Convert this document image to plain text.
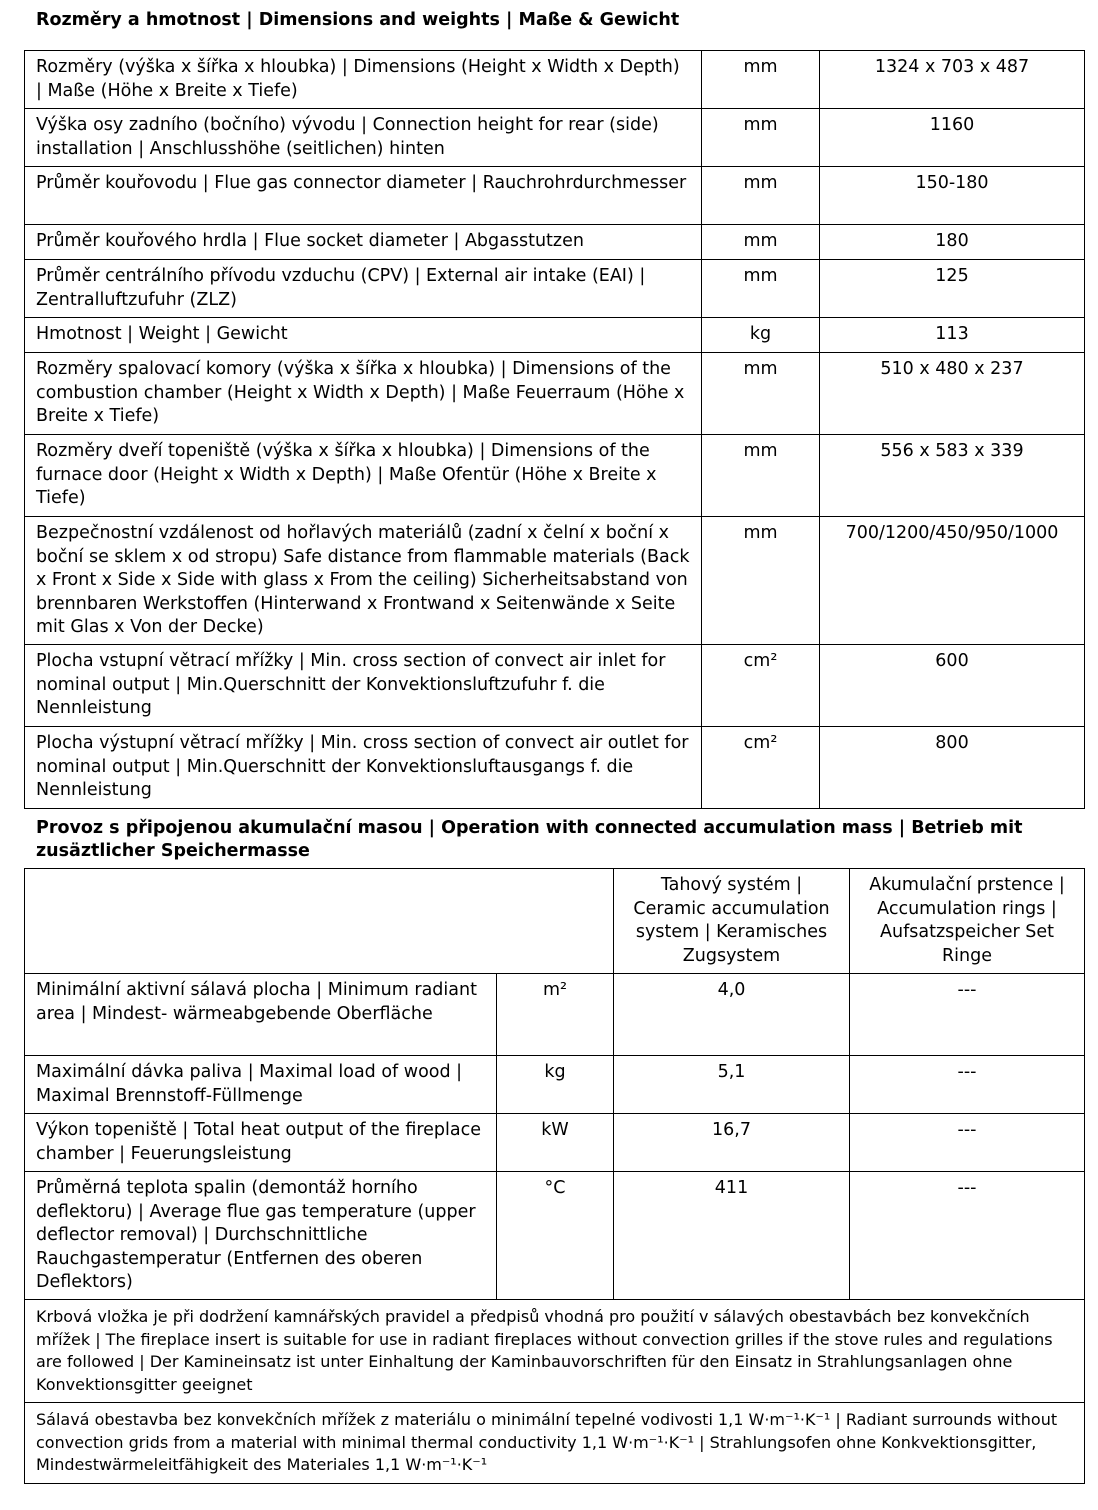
Rozměry a hmotnost | Dimensions and weights | Maße & Gewicht
Rozměry (výška x šířka x hloubka) | Dimensions (Height x Width x Depth) | Maße (Höhe x Breite x Tiefe)	mm	1324 x 703 x 487
Výška osy zadního (bočního) vývodu | Connection height for rear (side) installation | Anschlusshöhe (seitlichen) hinten	mm	1160
Průměr kouřovodu | Flue gas connector diameter | Rauchrohrdurchmesser	mm	150-180
Průměr kouřového hrdla | Flue socket diameter | Abgasstutzen	mm	180
Průměr centrálního přívodu vzduchu (CPV) | External air intake (EAI) | Zentralluftzufuhr (ZLZ)	mm	125
Hmotnost | Weight | Gewicht	kg	113
Rozměry spalovací komory (výška x šířka x hloubka) | Dimensions of the combustion chamber (Height x Width x Depth) | Maße Feuerraum (Höhe x Breite x Tiefe)	mm	510 x 480 x 237
Rozměry dveří topeniště (výška x šířka x hloubka) | Dimensions of the furnace door (Height x Width x Depth) | Maße Ofentür (Höhe x Breite x Tiefe)	mm	556 x 583 x 339
Bezpečnostní vzdálenost od hořlavých materiálů (zadní x čelní x boční x boční se sklem x od stropu) Safe distance from flammable materials (Back x Front x Side x Side with glass x From the ceiling) Sicherheitsabstand von brennbaren Werkstoffen (Hinterwand x Frontwand x Seitenwände x Seite mit Glas x Von der Decke)	mm	700/1200/450/950/1000
Plocha vstupní větrací mřížky | Min. cross section of convect air inlet for nominal output | Min.Querschnitt der Konvektionsluftzufuhr f. die Nennleistung	cm²	600
Plocha výstupní větrací mřížky | Min. cross section of convect air outlet for nominal output | Min.Querschnitt der Konvektionsluftausgangs f. die Nennleistung	cm²	800
Provoz s připojenou akumulační masou | Operation with connected accumulation mass | Betrieb mit zusäztlicher Speichermasse
		Tahový systém | Ceramic accumulation system | Keramisches Zugsystem	Akumulační prstence | Accumulation rings | Aufsatzspeicher Set Ringe
Minimální aktivní sálavá plocha | Minimum radiant area | Mindest- wärmeabgebende Oberfläche	m²	4,0	---
Maximální dávka paliva | Maximal load of wood | Maximal Brennstoff-Füllmenge	kg	5,1	---
Výkon topeniště | Total heat output of the fireplace chamber | Feuerungsleistung	kW	16,7	---
Průměrná teplota spalin (demontáž horního deflektoru) | Average flue gas temperature (upper deflector removal) | Durchschnittliche Rauchgastemperatur (Entfernen des oberen Deflektors)	°C	411	---
Krbová vložka je při dodržení kamnářských pravidel a předpisů vhodná pro použití v sálavých obestavbách bez konvekčních mřížek | The fireplace insert is suitable for use in radiant fireplaces without convection grilles if the stove rules and regulations are followed | Der Kamineinsatz ist unter Einhaltung der Kaminbauvorschriften für den Einsatz in Strahlungsanlagen ohne Konvektionsgitter geeignet			
Sálavá obestavba bez konvekčních mřížek z materiálu o minimální tepelné vodivosti 1,1 W·m⁻¹·K⁻¹ | Radiant surrounds without convection grids from a material with minimal thermal conductivity 1,1 W·m⁻¹·K⁻¹ | Strahlungsofen ohne Konkvektionsgitter, Mindestwärmeleitfähigkeit des Materiales 1,1 W·m⁻¹·K⁻¹			
